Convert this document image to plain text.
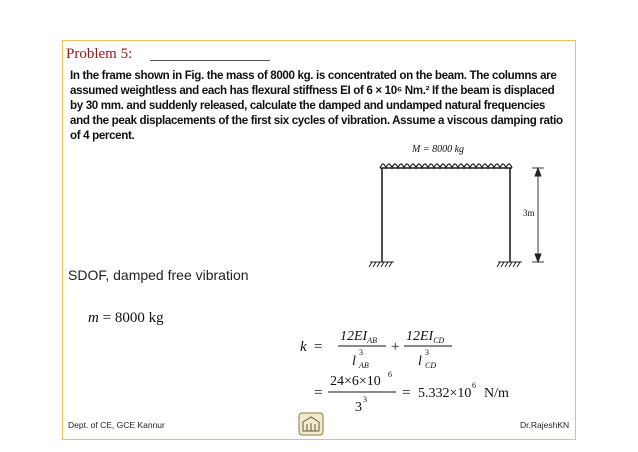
Problem 5:
In the frame shown in Fig. the mass of 8000 kg. is concentrated on the beam. The columns are assumed weightless and each has flexural stiffness EI of 6 × 10⁶ Nm.² If the beam is displaced by 30 mm. and suddenly released, calculate the damped and undamped natural frequencies and the peak displacements of the first six cycles of vibration. Assume a viscous damping ratio of 4 percent.
M = 8000 kg
3m
SDOF, damped free vibration
m = 8000 kg
k =
$12EI_{AB}$
l
3
AB
+
$12EI_{CD}$
l
3
CD
=
24×6×10 6
3
3 = 5.332×10
6
N/m
Dept. of CE, GCE Kannur	Dr.RajeshKN
